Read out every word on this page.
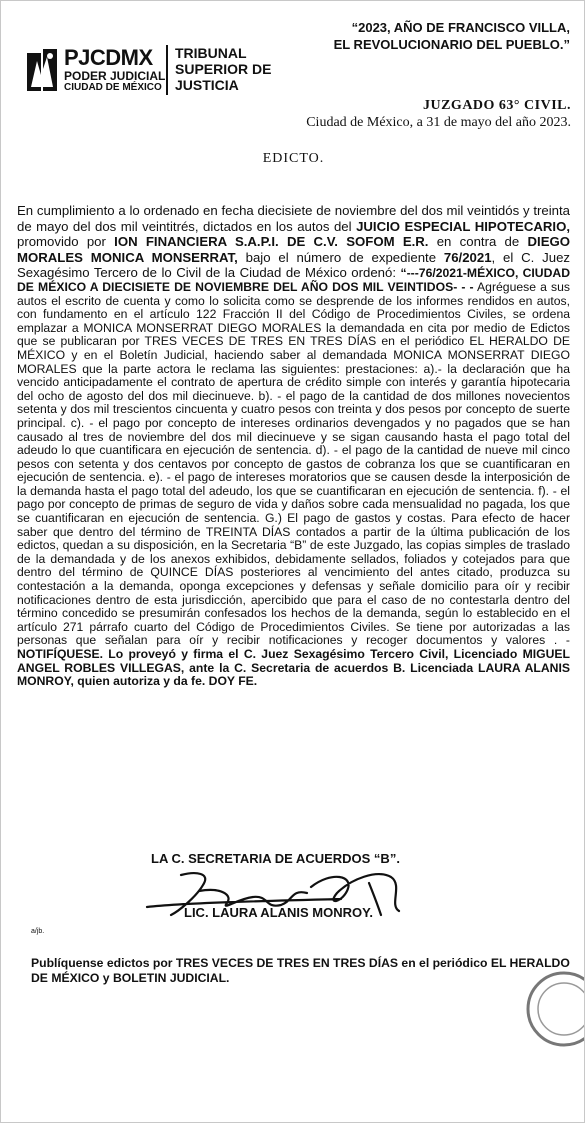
“2023, AÑO DE FRANCISCO VILLA,
EL REVOLUCIONARIO DEL PUEBLO.”
PJCDMX
PODER JUDICIAL
CIUDAD DE MÉXICO
TRIBUNAL
SUPERIOR DE
JUSTICIA
JUZGADO 63° CIVIL.
Ciudad de México, a 31 de mayo del año 2023.
EDICTO.
En cumplimiento a lo ordenado en fecha diecisiete de noviembre del dos mil veintidós y treinta de mayo del dos mil veintitrés, dictados en los autos del JUICIO ESPECIAL HIPOTECARIO, promovido por ION FINANCIERA S.A.P.I. DE C.V. SOFOM E.R. en contra de DIEGO MORALES MONICA MONSERRAT, bajo el número de expediente 76/2021, el C. Juez Sexagésimo Tercero de lo Civil de la Ciudad de México ordenó: “---76/2021-MÉXICO, CIUDAD DE MÉXICO A DIECISIETE DE NOVIEMBRE DEL AÑO DOS MIL VEINTIDOS- - - Agréguese a sus autos el escrito de cuenta y como lo solicita como se desprende de los informes rendidos en autos, con fundamento en el artículo 122 Fracción II del Código de Procedimientos Civiles, se ordena emplazar a MONICA MONSERRAT DIEGO MORALES la demandada en cita por medio de Edictos que se publicaran por TRES VECES DE TRES EN TRES DÍAS en el periódico EL HERALDO DE MÉXICO y en el Boletín Judicial, haciendo saber al demandada MONICA MONSERRAT DIEGO MORALES que la parte actora le reclama las siguientes: prestaciones: a).- la declaración que ha vencido anticipadamente el contrato de apertura de crédito simple con interés y garantía hipotecaria del ocho de agosto del dos mil diecinueve. b). - el pago de la cantidad de dos millones novecientos setenta y dos mil trescientos cincuenta y cuatro pesos con treinta y dos pesos por concepto de suerte principal. c). - el pago por concepto de intereses ordinarios devengados y no pagados que se han causado al tres de noviembre del dos mil diecinueve y se sigan causando hasta el pago total del adeudo lo que cuantificara en ejecución de sentencia. d). - el pago de la cantidad de nueve mil cinco pesos con setenta y dos centavos por concepto de gastos de cobranza los que se cuantificaran en ejecución de sentencia. e). - el pago de intereses moratorios que se causen desde la interposición de la demanda hasta el pago total del adeudo, los que se cuantificaran en ejecución de sentencia. f). - el pago por concepto de primas de seguro de vida y daños sobre cada mensualidad no pagada, los que se cuantificaran en ejecución de sentencia. G.) El pago de gastos y costas. Para efecto de hacer saber que dentro del término de TREINTA DÍAS contados a partir de la última publicación de los edictos, quedan a su disposición, en la Secretaria “B” de este Juzgado, las copias simples de traslado de la demandada y de los anexos exhibidos, debidamente sellados, foliados y cotejados para que dentro del término de QUINCE DÍAS posteriores al vencimiento del antes citado, produzca su contestación a la demanda, oponga excepciones y defensas y señale domicilio para oír y recibir notificaciones dentro de esta jurisdicción, apercibido que para el caso de no contestarla dentro del término concedido se presumirán confesados los hechos de la demanda, según lo establecido en el artículo 271 párrafo cuarto del Código de Procedimientos Civiles. Se tiene por autorizadas a las personas que señalan para oír y recibir notificaciones y recoger documentos y valores . - NOTIFÍQUESE. Lo proveyó y firma el C. Juez Sexagésimo Tercero Civil, Licenciado MIGUEL ANGEL ROBLES VILLEGAS, ante la C. Secretaria de acuerdos B. Licenciada LAURA ALANIS MONROY, quien autoriza y da fe. DOY FE.
LA C. SECRETARIA DE ACUERDOS “B”.
LIC. LAURA ALANIS MONROY.
a/jb.
Publíquense edictos por TRES VECES DE TRES EN TRES DÍAS en el periódico EL HERALDO DE MÉXICO y BOLETIN JUDICIAL.
